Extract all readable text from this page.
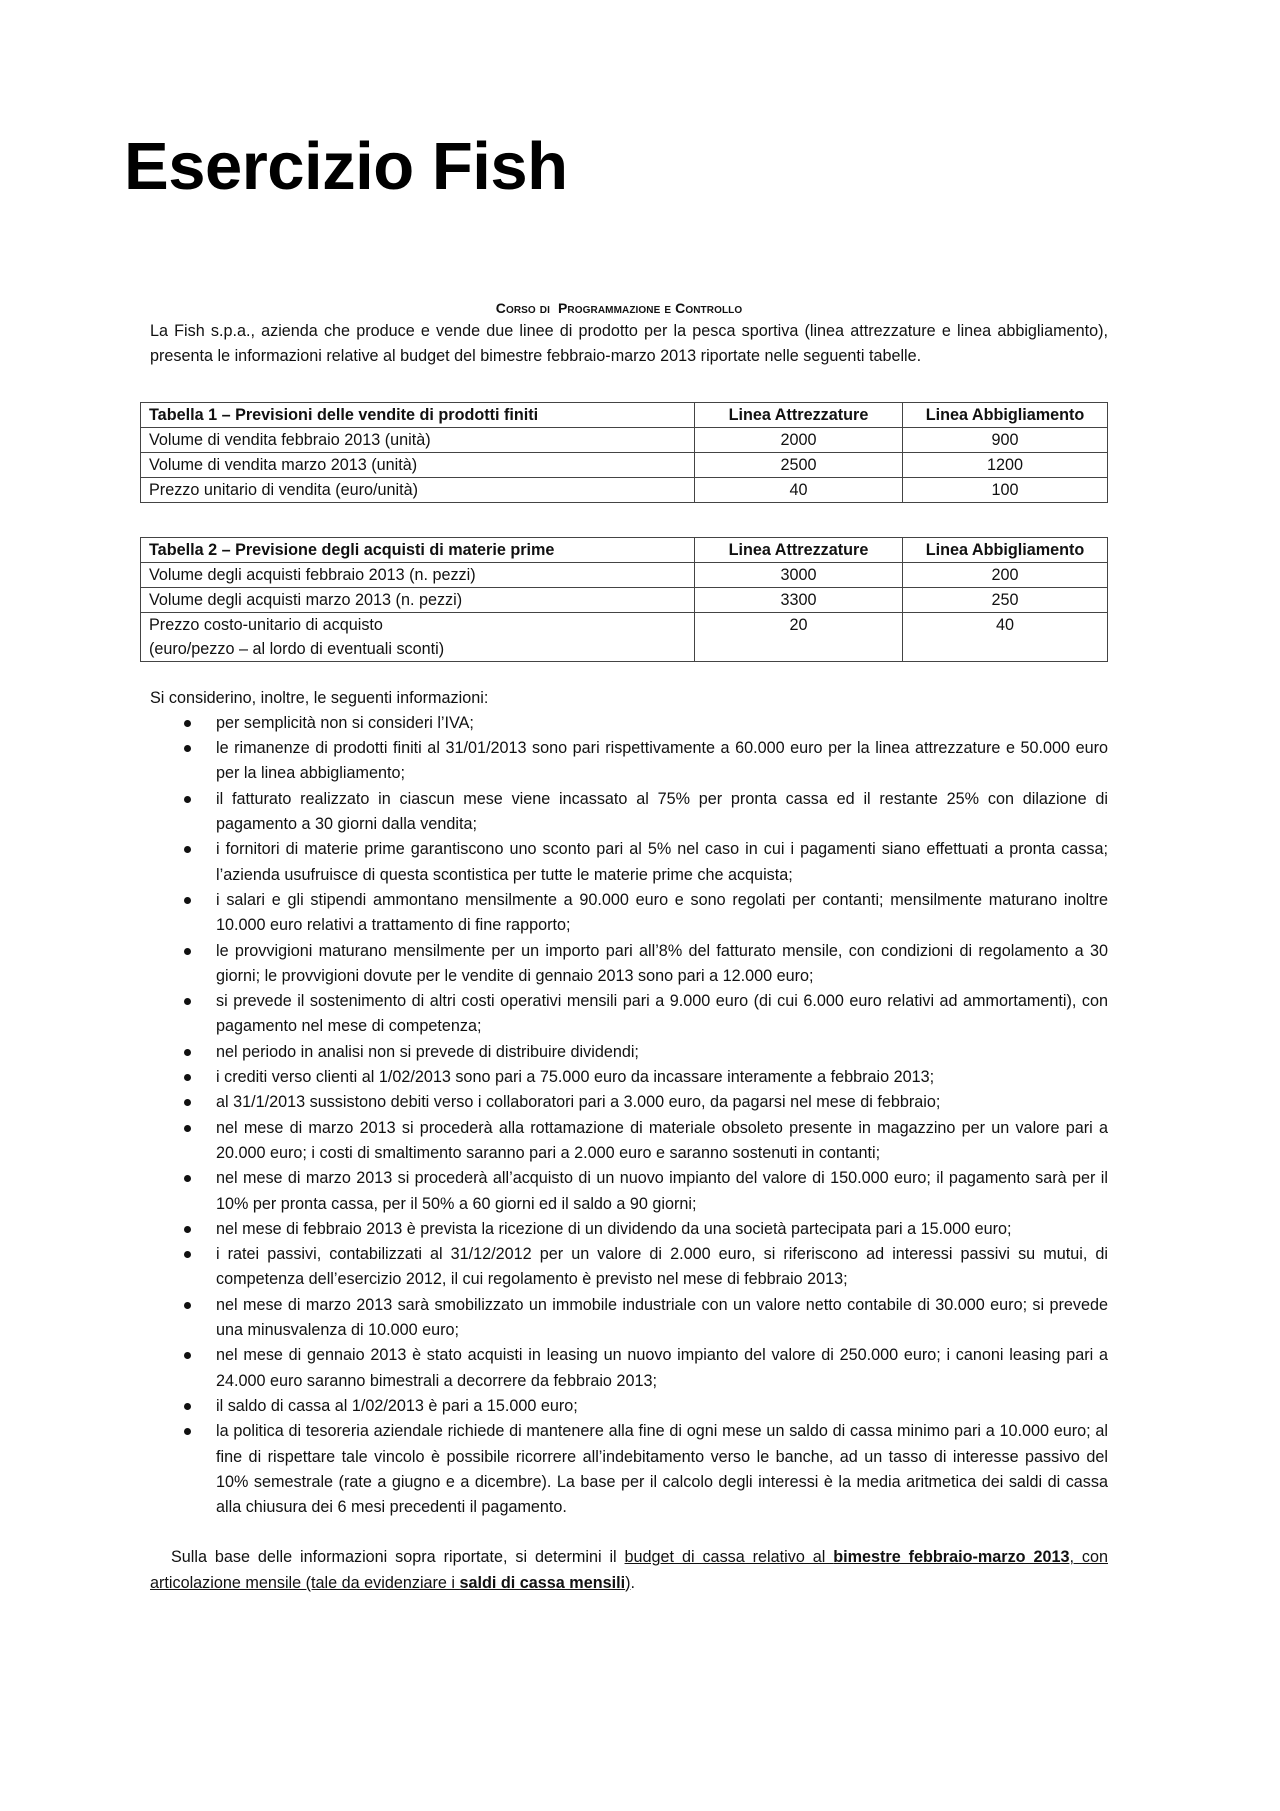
Esercizio Fish
Corso di Programmazione e Controllo

La Fish s.p.a., azienda che produce e vende due linee di prodotto per la pesca sportiva (linea attrezzature e linea abbigliamento), presenta le informazioni relative al budget del bimestre febbraio-marzo 2013 riportate nelle seguenti tabelle.

Tabella 1 – Previsioni delle vendite di prodotti finiti	Linea Attrezzature	Linea Abbigliamento
Volume di vendita febbraio 2013 (unità)	2000	900
Volume di vendita marzo 2013 (unità)	2500	1200
Prezzo unitario di vendita (euro/unità)	40	100
Tabella 2 – Previsione degli acquisti di materie prime	Linea Attrezzature	Linea Abbigliamento
Volume degli acquisti febbraio 2013 (n. pezzi)	3000	200
Volume degli acquisti marzo 2013 (n. pezzi)	3300	250
Prezzo costo-unitario di acquisto
(euro/pezzo – al lordo di eventuali sconti)	20	40

Si considerino, inoltre, le seguenti informazioni:

per semplicità non si consideri l’IVA;
le rimanenze di prodotti finiti al 31/01/2013 sono pari rispettivamente a 60.000 euro per la linea attrezzature e 50.000 euro per la linea abbigliamento;
il fatturato realizzato in ciascun mese viene incassato al 75% per pronta cassa ed il restante 25% con dilazione di pagamento a 30 giorni dalla vendita;
i fornitori di materie prime garantiscono uno sconto pari al 5% nel caso in cui i pagamenti siano effettuati a pronta cassa; l’azienda usufruisce di questa scontistica per tutte le materie prime che acquista;
i salari e gli stipendi ammontano mensilmente a 90.000 euro e sono regolati per contanti; mensilmente maturano inoltre 10.000 euro relativi a trattamento di fine rapporto;
le provvigioni maturano mensilmente per un importo pari all’8% del fatturato mensile, con condizioni di regolamento a 30 giorni; le provvigioni dovute per le vendite di gennaio 2013 sono pari a 12.000 euro;
si prevede il sostenimento di altri costi operativi mensili pari a 9.000 euro (di cui 6.000 euro relativi ad ammortamenti), con pagamento nel mese di competenza;
nel periodo in analisi non si prevede di distribuire dividendi;
i crediti verso clienti al 1/02/2013 sono pari a 75.000 euro da incassare interamente a febbraio 2013;
al 31/1/2013 sussistono debiti verso i collaboratori pari a 3.000 euro, da pagarsi nel mese di febbraio;
nel mese di marzo 2013 si procederà alla rottamazione di materiale obsoleto presente in magazzino per un valore pari a 20.000 euro; i costi di smaltimento saranno pari a 2.000 euro e saranno sostenuti in contanti;
nel mese di marzo 2013 si procederà all’acquisto di un nuovo impianto del valore di 150.000 euro; il pagamento sarà per il 10% per pronta cassa, per il 50% a 60 giorni ed il saldo a 90 giorni;
nel mese di febbraio 2013 è prevista la ricezione di un dividendo da una società partecipata pari a 15.000 euro;
i ratei passivi, contabilizzati al 31/12/2012 per un valore di 2.000 euro, si riferiscono ad interessi passivi su mutui, di competenza dell’esercizio 2012, il cui regolamento è previsto nel mese di febbraio 2013;
nel mese di marzo 2013 sarà smobilizzato un immobile industriale con un valore netto contabile di 30.000 euro; si prevede una minusvalenza di 10.000 euro;
nel mese di gennaio 2013 è stato acquisti in leasing un nuovo impianto del valore di 250.000 euro; i canoni leasing pari a 24.000 euro saranno bimestrali a decorrere da febbraio 2013;
il saldo di cassa al 1/02/2013 è pari a 15.000 euro;
la politica di tesoreria aziendale richiede di mantenere alla fine di ogni mese un saldo di cassa minimo pari a 10.000 euro; al fine di rispettare tale vincolo è possibile ricorrere all’indebitamento verso le banche, ad un tasso di interesse passivo del 10% semestrale (rate a giugno e a dicembre). La base per il calcolo degli interessi è la media aritmetica dei saldi di cassa alla chiusura dei 6 mesi precedenti il pagamento.

Sulla base delle informazioni sopra riportate, si determini il budget di cassa relativo al bimestre febbraio-marzo 2013, con articolazione mensile (tale da evidenziare i saldi di cassa mensili).
